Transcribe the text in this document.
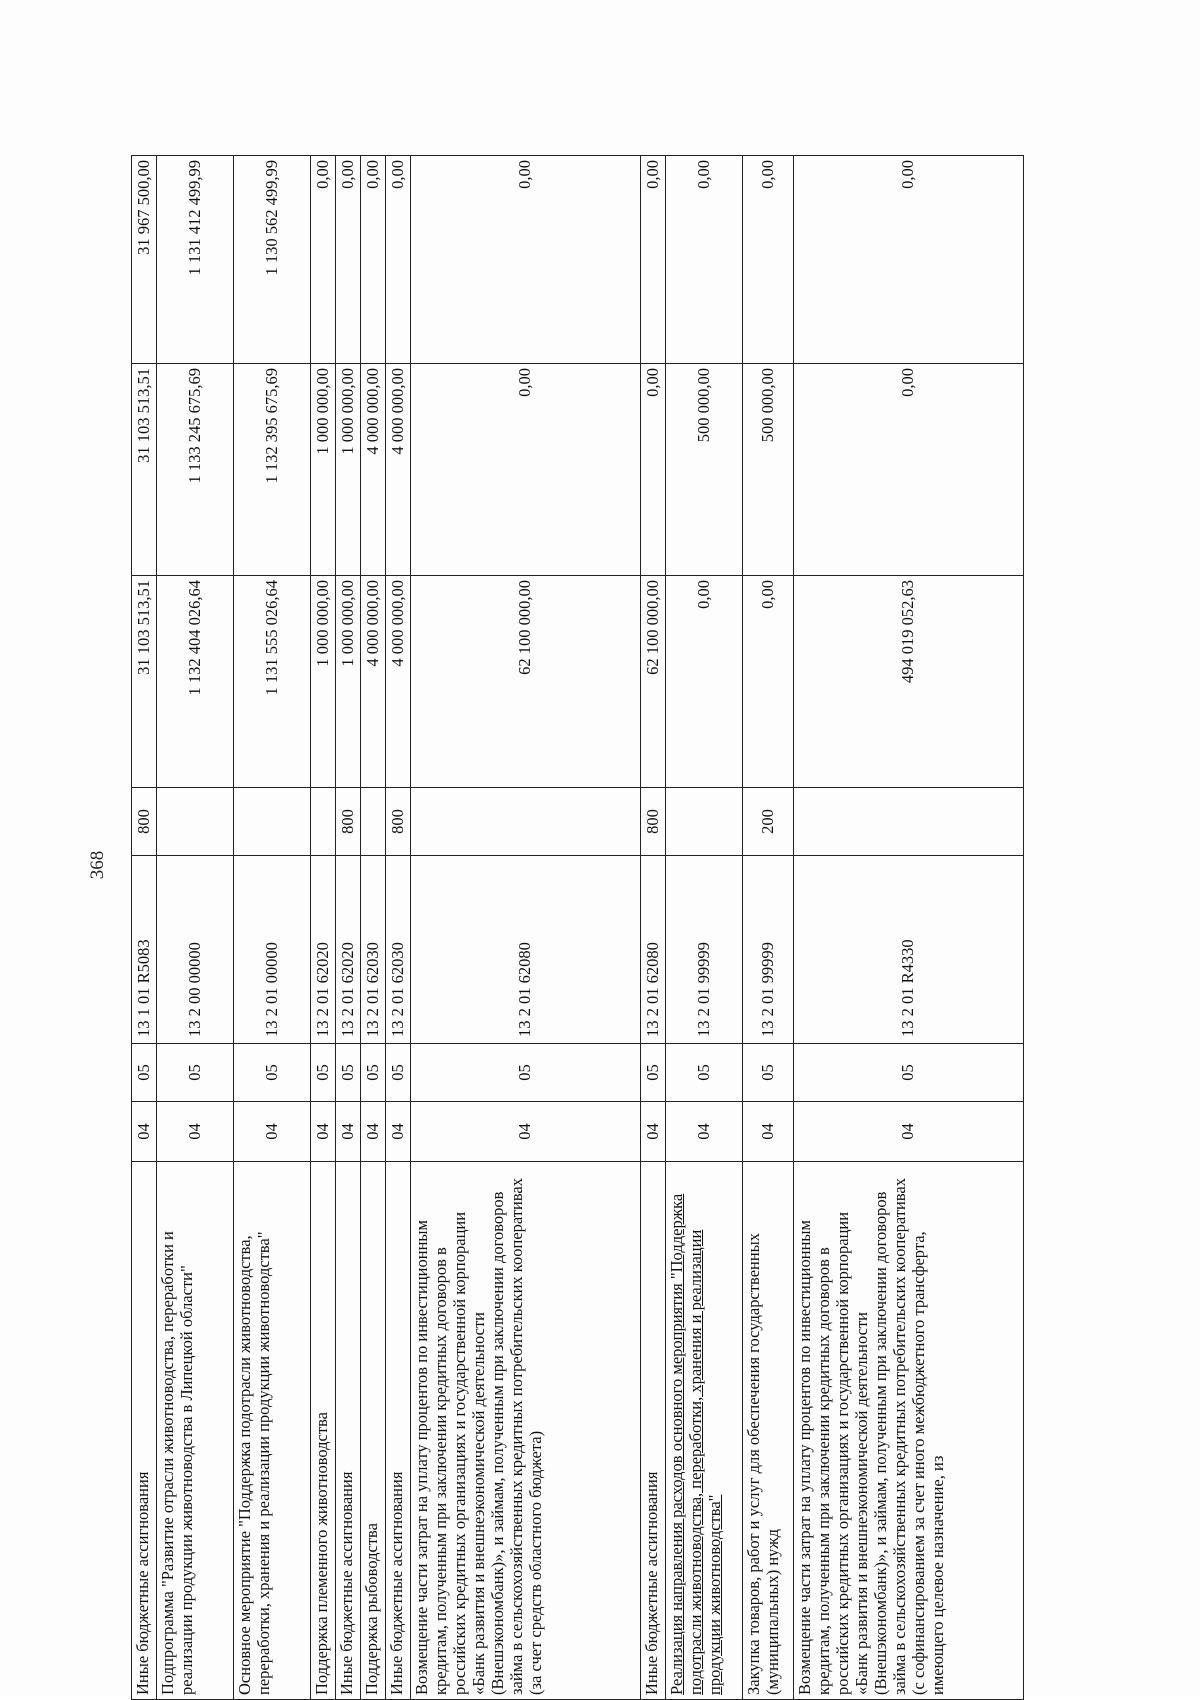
368
Иные бюджетные ассигнования	04	05	13 1 01 R5083	800	31 103 513,51	31 103 513,51	31 967 500,00
Подпрограмма "Развитие отрасли животноводства, переработки и реализации продукции животноводства в Липецкой области"	04	05	13 2 00 00000		1 132 404 026,64	1 133 245 675,69	1 131 412 499,99
Основное мероприятие "Поддержка подотрасли животноводства, переработки, хранения и реализации продукции животноводства"	04	05	13 2 01 00000		1 131 555 026,64	1 132 395 675,69	1 130 562 499,99
Поддержка племенного животноводства	04	05	13 2 01 62020		1 000 000,00	1 000 000,00	0,00
Иные бюджетные ассигнования	04	05	13 2 01 62020	800	1 000 000,00	1 000 000,00	0,00
Поддержка рыбоводства	04	05	13 2 01 62030		4 000 000,00	4 000 000,00	0,00
Иные бюджетные ассигнования	04	05	13 2 01 62030	800	4 000 000,00	4 000 000,00	0,00
Возмещение части затрат на уплату процентов по инвестиционным кредитам, полученным при заключении кредитных договоров в российских кредитных организациях и государственной корпорации «Банк развития и внешнеэкономической деятельности (Внешэкономбанк)», и займам, полученным при заключении договоров займа в сельскохозяйственных кредитных потребительских кооперативах (за счет средств областного бюджета)	04	05	13 2 01 62080		62 100 000,00	0,00	0,00
Иные бюджетные ассигнования	04	05	13 2 01 62080	800	62 100 000,00	0,00	0,00
Реализация направления расходов основного мероприятия "Поддержка подотрасли животноводства, переработки, хранения и реализации продукции животноводства"	04	05	13 2 01 99999		0,00	500 000,00	0,00
Закупка товаров, работ и услуг для обеспечения государственных (муниципальных) нужд	04	05	13 2 01 99999	200	0,00	500 000,00	0,00
Возмещение части затрат на уплату процентов по инвестиционным кредитам, полученным при заключении кредитных договоров в российских кредитных организациях и государственной корпорации «Банк развития и внешнеэкономической деятельности (Внешэкономбанк)», и займам, полученным при заключении договоров займа в сельскохозяйственных кредитных потребительских кооперативах (с софинансированием за счет иного межбюджетного трансферта, имеющего целевое назначение, из	04	05	13 2 01 R4330		494 019 052,63	0,00	0,00
